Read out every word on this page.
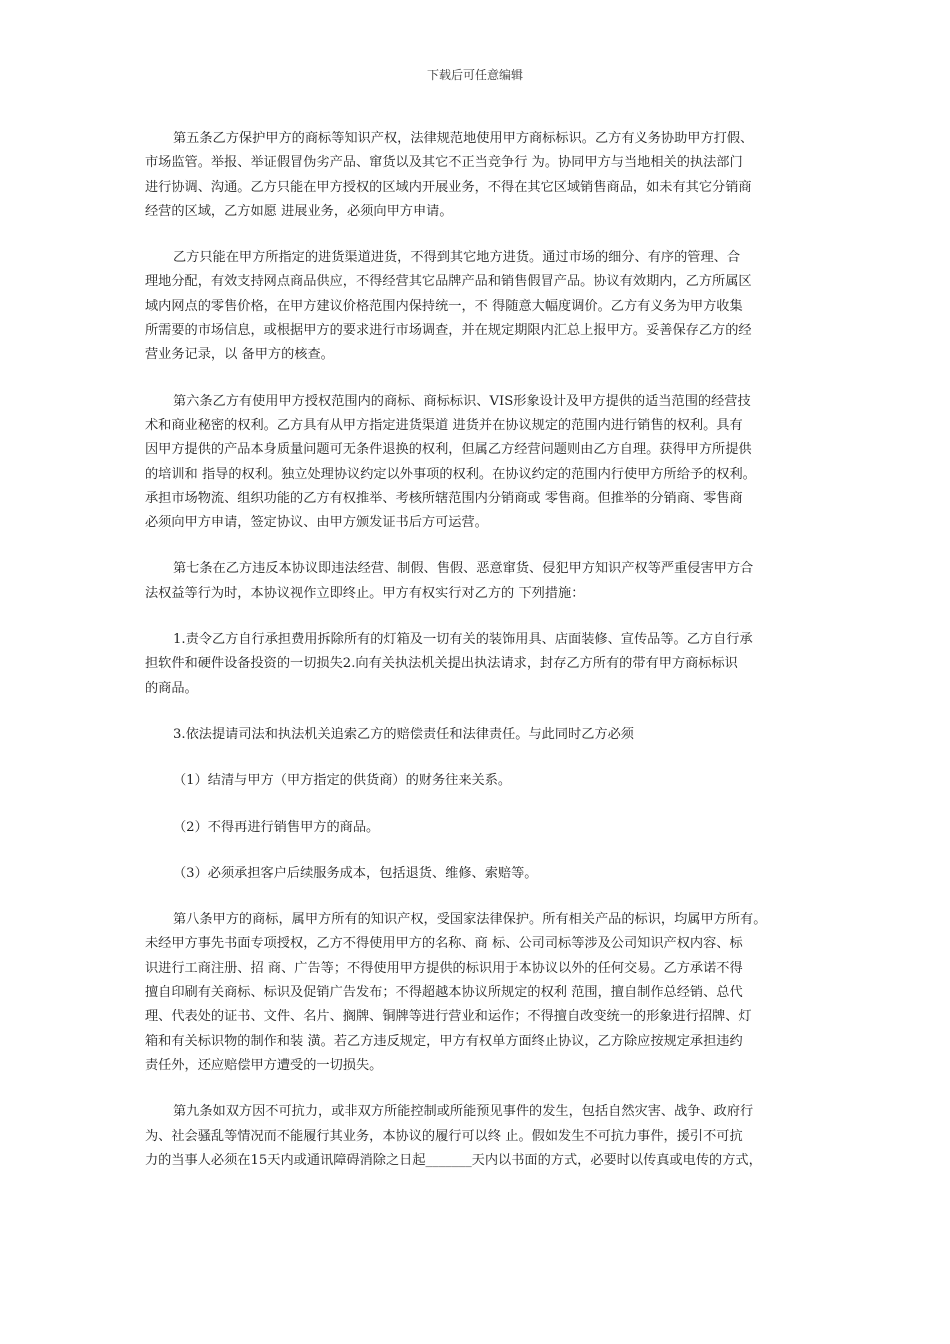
下载后可任意编辑
第五条乙方保护甲方的商标等知识产权，法律规范地使用甲方商标标识。乙方有义务协助甲方打假、
市场监管。举报、举证假冒伪劣产品、窜货以及其它不正当竞争行 为。协同甲方与当地相关的执法部门
进行协调、沟通。乙方只能在甲方授权的区域内开展业务，不得在其它区域销售商品，如未有其它分销商
经营的区域，乙方如愿 进展业务，必须向甲方申请。
乙方只能在甲方所指定的进货渠道进货，不得到其它地方进货。通过市场的细分、有序的管理、合
理地分配，有效支持网点商品供应，不得经营其它品牌产品和销售假冒产品。协议有效期内，乙方所属区
域内网点的零售价格，在甲方建议价格范围内保持统一，不 得随意大幅度调价。乙方有义务为甲方收集
所需要的市场信息，或根据甲方的要求进行市场调查，并在规定期限内汇总上报甲方。妥善保存乙方的经
营业务记录，以 备甲方的核查。
第六条乙方有使用甲方授权范围内的商标、商标标识、VIS形象设计及甲方提供的适当范围的经营技
术和商业秘密的权利。乙方具有从甲方指定进货渠道 进货并在协议规定的范围内进行销售的权利。具有
因甲方提供的产品本身质量问题可无条件退换的权利，但属乙方经营问题则由乙方自理。获得甲方所提供
的培训和 指导的权利。独立处理协议约定以外事项的权利。在协议约定的范围内行使甲方所给予的权利。
承担市场物流、组织功能的乙方有权推举、考核所辖范围内分销商或 零售商。但推举的分销商、零售商
必须向甲方申请，签定协议、由甲方颁发证书后方可运营。
第七条在乙方违反本协议即违法经营、制假、售假、恶意窜货、侵犯甲方知识产权等严重侵害甲方合
法权益等行为时，本协议视作立即终止。甲方有权实行对乙方的 下列措施：
1.责令乙方自行承担费用拆除所有的灯箱及一切有关的装饰用具、店面装修、宣传品等。乙方自行承
担软件和硬件设备投资的一切损失2.向有关执法机关提出执法请求，封存乙方所有的带有甲方商标标识
的商品。
3.依法提请司法和执法机关追索乙方的赔偿责任和法律责任。与此同时乙方必须
（1）结清与甲方（甲方指定的供货商）的财务往来关系。
（2）不得再进行销售甲方的商品。
（3）必须承担客户后续服务成本，包括退货、维修、索赔等。
第八条甲方的商标，属甲方所有的知识产权，受国家法律保护。所有相关产品的标识，均属甲方所有。
未经甲方事先书面专项授权，乙方不得使用甲方的名称、商 标、公司司标等涉及公司知识产权内容、标
识进行工商注册、招 商、广告等；不得使用甲方提供的标识用于本协议以外的任何交易。乙方承诺不得
擅自印刷有关商标、标识及促销广告发布；不得超越本协议所规定的权利 范围，擅自制作总经销、总代
理、代表处的证书、文件、名片、搁牌、铜牌等进行营业和运作；不得擅自改变统一的形象进行招牌、灯
箱和有关标识物的制作和装 潢。若乙方违反规定，甲方有权单方面终止协议，乙方除应按规定承担违约
责任外，还应赔偿甲方遭受的一切损失。
第九条如双方因不可抗力，或非双方所能控制或所能预见事件的发生，包括自然灾害、战争、政府行
为、社会骚乱等情况而不能履行其业务，本协议的履行可以终 止。假如发生不可抗力事件，援引不可抗
力的当事人必须在15天内或通讯障碍消除之日起_______天内以书面的方式，必要时以传真或电传的方式，
